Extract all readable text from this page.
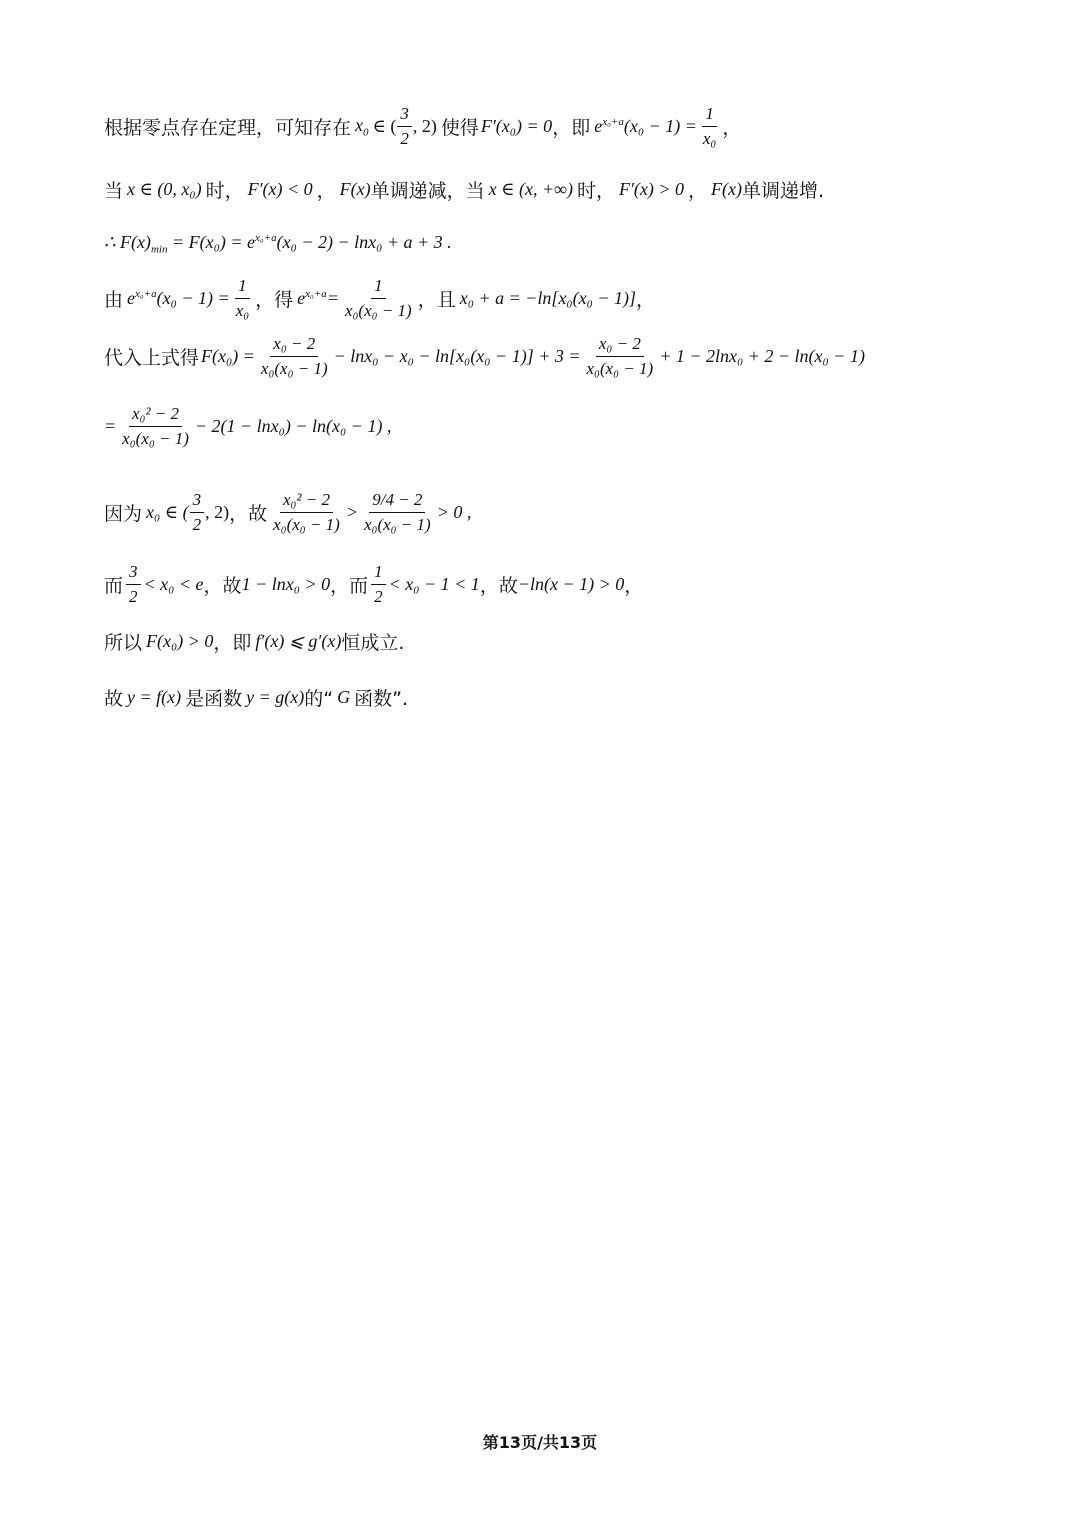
根据零点存在定理，可知存在 $x_0$ ∈ ( $\frac{3}{2}$ , 2) 使得 F′(x₀) = 0 ，即 $e^{x_0+a}$ $(x_0 - 1) = \frac{1}{\text{x₀}}$ ，
当 x ∈ (0, x₀) 时， F′(x) < 0 ， F(x) 单调递减，当 x ∈ (x, +∞) 时， F′(x) > 0 ， F(x) 单调递增.
∴ $F(x)_{min} = F(x_0) = e^{x_0+a}(x_0 - 2) - \ln x_0 + a + 3$ .
由 $e^{x_0+a}$ $(x_0 - 1) = \frac{1}{\text{x₀}}$ ，得 $e^{x_0+a} = \frac{1}{\text{x₀(x₀ − 1)}}$ ，且 x₀ + a = −ln[x₀(x₀ − 1)] ，
代入上式得 $F(x_0) = \frac{\text{x₀ − 2}}{\text{x₀(x₀ − 1)}} - \ln x_0 - x_0 - \ln[x_0(x_0 - 1)] + 3 = \frac{\text{x₀ − 2}}{\text{x₀(x₀ − 1)}} + 1 - 2\ln x_0 + 2 - \ln(x_0 - 1)$
= $\frac{\text{x₀² − 2}}{\text{x₀(x₀ − 1)}} - 2(1 - \ln x_0) - \ln(x_0 - 1)$ ,
因为 x₀ ∈ ( $\frac{3}{2}$ , 2) ，故 $\frac{\text{x₀² − 2}}{\text{x₀(x₀ − 1)}} > \frac{9/4 - 2}{\text{x₀(x₀ − 1)}} > 0$ ,
而 $\frac{3}{2} < x_0 < e$ ，故 1 − lnx₀ > 0 ，而 $\frac{1}{2} < x_0 - 1 < 1$ ，故 −ln(x − 1) > 0 ，
所以 F(x₀) > 0 ，即 f′(x) ⩽ g′(x) 恒成立.
故 y = f(x) 是函数 y = g(x) 的“ G 函数”.
第13页/共13页
